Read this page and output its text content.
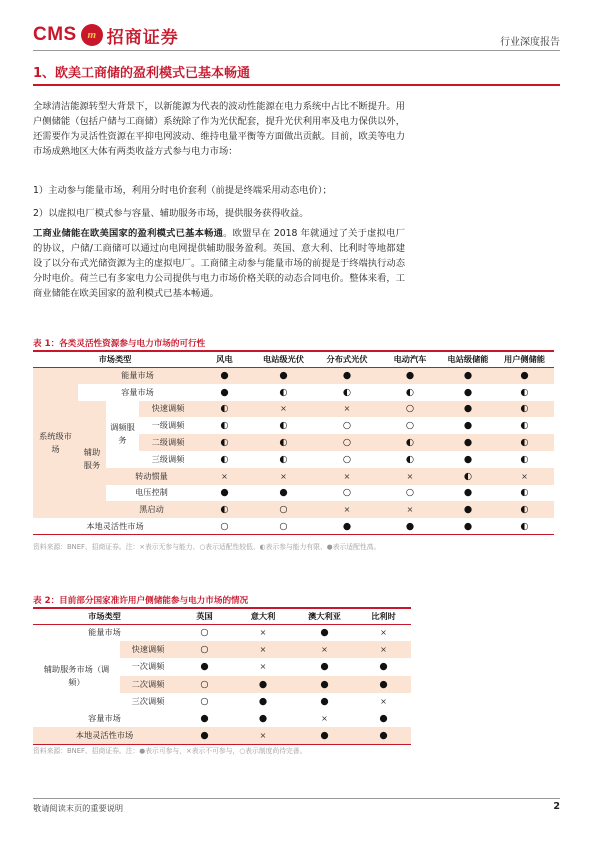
CMS m 招商证券	行业深度报告
1、欧美工商储的盈利模式已基本畅通
全球清洁能源转型大背景下，以新能源为代表的波动性能源在电力系统中占比不断提升。用户侧储能（包括户储与工商储）系统除了作为光伏配套，提升光伏利用率及电力保供以外，还需要作为灵活性资源在平抑电网波动、维持电量平衡等方面做出贡献。目前，欧美等电力市场成熟地区大体有两类收益方式参与电力市场：
1）主动参与能量市场，利用分时电价套利（前提是终端采用动态电价）；
2）以虚拟电厂模式参与容量、辅助服务市场，提供服务获得收益。
工商业储能在欧美国家的盈利模式已基本畅通。欧盟早在 2018 年就通过了关于虚拟电厂的协议，户储/工商储可以通过向电网提供辅助服务盈利。英国、意大利、比利时等地都建设了以分布式光储资源为主的虚拟电厂。工商储主动参与能量市场的前提是于终端执行动态分时电价。荷兰已有多家电力公司提供与电力市场价格关联的动态合同电价。整体来看，工商业储能在欧美国家的盈利模式已基本畅通。
表 1：各类灵活性资源参与电力市场的可行性
市场类型				风电	电站级光伏	分布式光伏	电动汽车	电站级储能	用户侧储能
系统级市场	能量市场			●	●	●	●	●	●
	容量市场			●	◐	◐	◐	●	◐
	辅助服务	调频服务	快速调频	◐	×	×	○	●	◐
			一级调频	◐	◐	○	○	●	◐
			二级调频	◐	◐	○	◐	●	◐
			三级调频	◐	◐	○	◐	●	◐
		转动惯量		×	×	×	×	◐	×
		电压控制		●	●	○	○	●	◐
		黑启动		◐	○	×	×	●	◐
本地灵活性市场				○	○	●	●	●	◐
资料来源：BNEF、招商证券。注：×表示无参与能力、○表示适配性较低、◐表示参与能力有限、●表示适配性高。
表 2：目前部分国家准许用户侧储能参与电力市场的情况
市场类型		英国	意大利	澳大利亚	比利时
能量市场		○	×	●	×
辅助服务市场（调频）	快速调频	○	×	×	×
	一次调频	●	×	●	●
	二次调频	○	●	●	●
	三次调频	○	●	●	×
容量市场		●	●	×	●
本地灵活性市场		●	×	●	●
资料来源：BNEF、招商证券。注：●表示可参与，×表示不可参与，○表示制度尚待完善。
敬请阅读末页的重要说明	2
